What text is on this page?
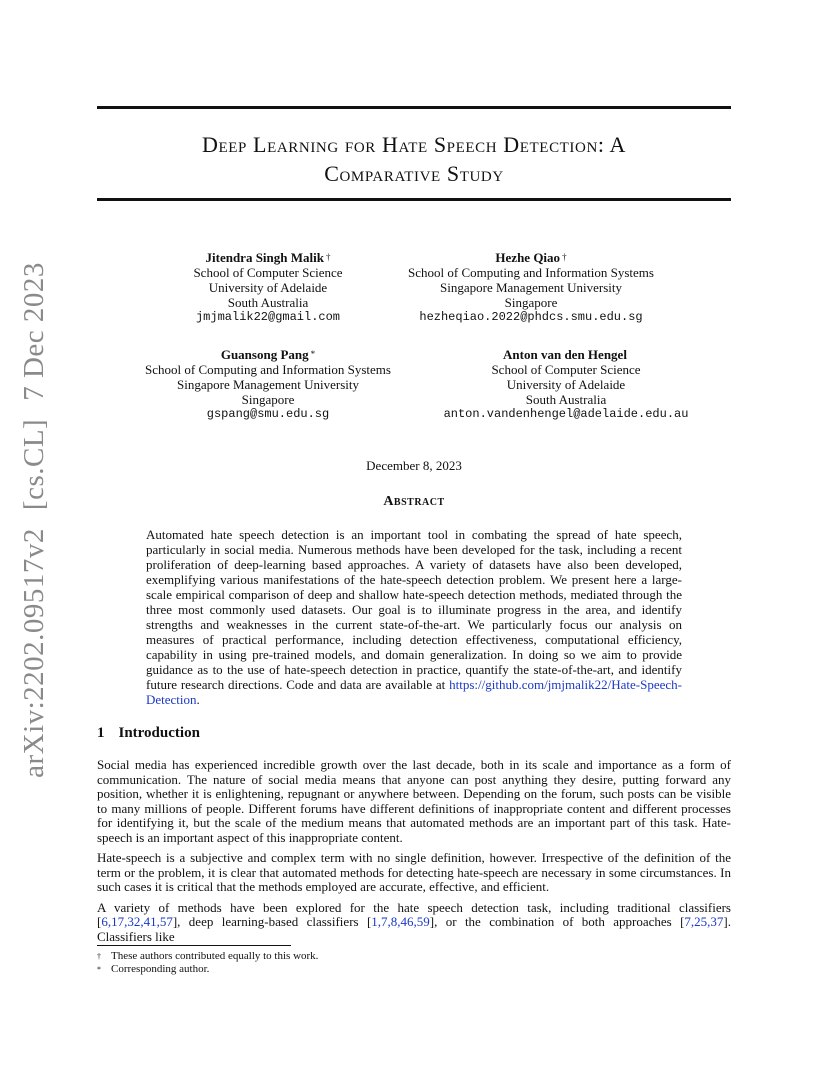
arXiv:2202.09517v2
[cs.CL]
7 Dec 2023
Deep Learning for Hate Speech Detection: A
Comparative Study
Jitendra Singh Malik †
School of Computer Science
University of Adelaide
South Australia
jmjmalik22@gmail.com
Hezhe Qiao †
School of Computing and Information Systems
Singapore Management University
Singapore
hezheqiao.2022@phdcs.smu.edu.sg
Guansong Pang *
School of Computing and Information Systems
Singapore Management University
Singapore
gspang@smu.edu.sg
Anton van den Hengel
School of Computer Science
University of Adelaide
South Australia
anton.vandenhengel@adelaide.edu.au
December 8, 2023
Abstract
Automated hate speech detection is an important tool in combating the spread of hate speech, particularly in social media. Numerous methods have been developed for the task, including a recent proliferation of deep-learning based approaches. A variety of datasets have also been developed, exemplifying various manifestations of the hate-speech detection problem. We present here a large-scale empirical comparison of deep and shallow hate-speech detection methods, mediated through the three most commonly used datasets. Our goal is to illuminate progress in the area, and identify strengths and weaknesses in the current state-of-the-art. We particularly focus our analysis on measures of practical performance, including detection effectiveness, computational efficiency, capability in using pre-trained models, and domain generalization. In doing so we aim to provide guidance as to the use of hate-speech detection in practice, quantify the state-of-the-art, and identify future research directions. Code and data are available at https://github.com/jmjmalik22/Hate-Speech-Detection.
1 Introduction

Social media has experienced incredible growth over the last decade, both in its scale and importance as a form of communication. The nature of social media means that anyone can post anything they desire, putting forward any position, whether it is enlightening, repugnant or anywhere between. Depending on the forum, such posts can be visible to many millions of people. Different forums have different definitions of inappropriate content and different processes for identifying it, but the scale of the medium means that automated methods are an important part of this task. Hate-speech is an important aspect of this inappropriate content.

Hate-speech is a subjective and complex term with no single definition, however. Irrespective of the definition of the term or the problem, it is clear that automated methods for detecting hate-speech are necessary in some circumstances. In such cases it is critical that the methods employed are accurate, effective, and efficient.

A variety of methods have been explored for the hate speech detection task, including traditional classifiers [6,17,32,41,57], deep learning-based classifiers [1,7,8,46,59], or the combination of both approaches [7,25,37]. Classifiers like

† These authors contributed equally to this work.
* Corresponding author.
